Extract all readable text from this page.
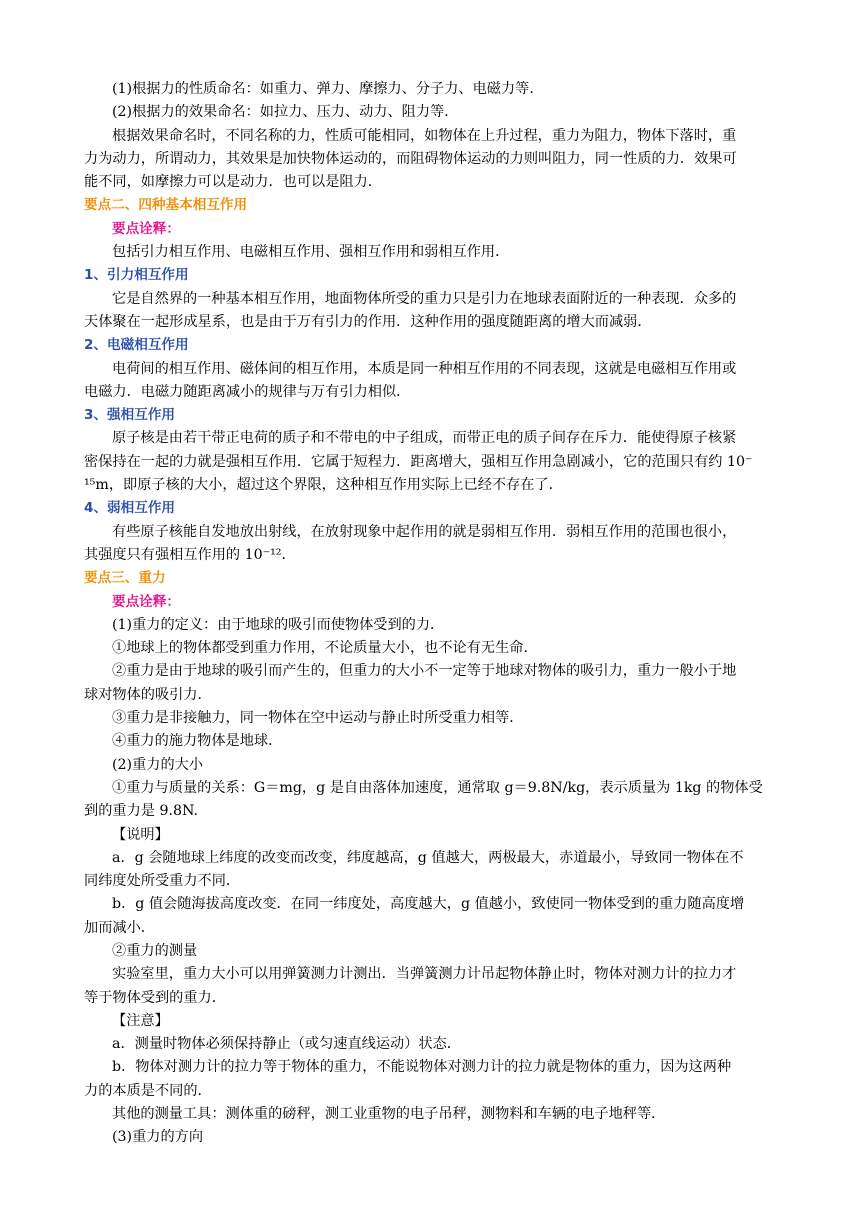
(1)根据力的性质命名：如重力、弹力、摩擦力、分子力、电磁力等．
(2)根据力的效果命名：如拉力、压力、动力、阻力等．
根据效果命名时，不同名称的力，性质可能相同，如物体在上升过程，重力为阻力，物体下落时，重
力为动力，所谓动力，其效果是加快物体运动的，而阻碍物体运动的力则叫阻力，同一性质的力．效果可
能不同，如摩擦力可以是动力．也可以是阻力．
要点二、四种基本相互作用
要点诠释：
包括引力相互作用、电磁相互作用、强相互作用和弱相互作用．
1、引力相互作用
它是自然界的一种基本相互作用，地面物体所受的重力只是引力在地球表面附近的一种表现．众多的
天体聚在一起形成星系，也是由于万有引力的作用．这种作用的强度随距离的增大而减弱．
2、电磁相互作用
电荷间的相互作用、磁体间的相互作用，本质是同一种相互作用的不同表现，这就是电磁相互作用或
电磁力．电磁力随距离减小的规律与万有引力相似．
3、强相互作用
原子核是由若干带正电荷的质子和不带电的中子组成，而带正电的质子间存在斥力．能使得原子核紧
密保持在一起的力就是强相互作用．它属于短程力．距离增大，强相互作用急剧减小，它的范围只有约 10⁻
¹⁵m，即原子核的大小，超过这个界限，这种相互作用实际上已经不存在了．
4、弱相互作用
有些原子核能自发地放出射线，在放射现象中起作用的就是弱相互作用．弱相互作用的范围也很小，
其强度只有强相互作用的 10⁻¹²．
要点三、重力
要点诠释：
(1)重力的定义：由于地球的吸引而使物体受到的力．
①地球上的物体都受到重力作用，不论质量大小，也不论有无生命．
②重力是由于地球的吸引而产生的，但重力的大小不一定等于地球对物体的吸引力，重力一般小于地
球对物体的吸引力．
③重力是非接触力，同一物体在空中运动与静止时所受重力相等．
④重力的施力物体是地球．
(2)重力的大小
①重力与质量的关系：G＝mg，g 是自由落体加速度，通常取 g＝9.8N/kg，表示质量为 1kg 的物体受
到的重力是 9.8N.
【说明】
a．g 会随地球上纬度的改变而改变，纬度越高，g 值越大，两极最大，赤道最小，导致同一物体在不
同纬度处所受重力不同．
b．g 值会随海拔高度改变．在同一纬度处，高度越大，g 值越小，致使同一物体受到的重力随高度增
加而减小．
②重力的测量
实验室里，重力大小可以用弹簧测力计测出．当弹簧测力计吊起物体静止时，物体对测力计的拉力才
等于物体受到的重力．
【注意】
a．测量时物体必须保持静止（或匀速直线运动）状态．
b．物体对测力计的拉力等于物体的重力，不能说物体对测力计的拉力就是物体的重力，因为这两种
力的本质是不同的．
其他的测量工具：测体重的磅秤，测工业重物的电子吊秤，测物料和车辆的电子地秤等．
(3)重力的方向
